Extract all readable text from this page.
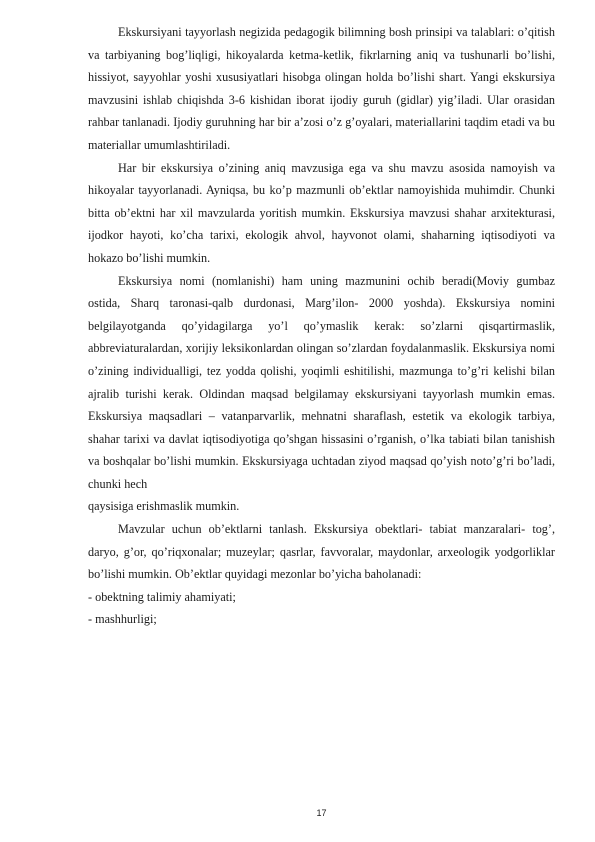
Ekskursiyani tayyorlash negizida pedagogik bilimning bosh prinsipi va talablari: o’qitish va tarbiyaning bog’liqligi, hikoyalarda ketma-ketlik, fikrlarning aniq va tushunarli bo’lishi, hissiyot, sayyohlar yoshi xususiyatlari hisobga olingan holda bo’lishi shart. Yangi ekskursiya mavzusini ishlab chiqishda 3-6 kishidan iborat ijodiy guruh (gidlar) yig’iladi. Ular orasidan rahbar tanlanadi. Ijodiy guruhning har bir a’zosi o’z g’oyalari, materiallarini taqdim etadi va bu materiallar umumlashtiriladi.

Har bir ekskursiya o’zining aniq mavzusiga ega va shu mavzu asosida namoyish va hikoyalar tayyorlanadi. Ayniqsa, bu ko’p mazmunli ob’ektlar namoyishida muhimdir. Chunki bitta ob’ektni har xil mavzularda yoritish mumkin. Ekskursiya mavzusi shahar arxitekturasi, ijodkor hayoti, ko’cha tarixi, ekologik ahvol, hayvonot olami, shaharning iqtisodiyoti va hokazo bo’lishi mumkin.

Ekskursiya nomi (nomlanishi) ham uning mazmunini ochib beradi(Moviy gumbaz ostida, Sharq taronasi-qalb durdonasi, Marg’ilon- 2000 yoshda). Ekskursiya nomini belgilayotganda qo’yidagilarga yo’l qo’ymaslik kerak: so’zlarni qisqartirmaslik, abbreviaturalardan, xorijiy leksikonlardan olingan so’zlardan foydalanmaslik. Ekskursiya nomi o’zining individualligi, tez yodda qolishi, yoqimli eshitilishi, mazmunga to’g’ri kelishi bilan ajralib turishi kerak. Oldindan maqsad belgilamay ekskursiyani tayyorlash mumkin emas. Ekskursiya maqsadlari – vatanparvarlik, mehnatni sharaflash, estetik va ekologik tarbiya, shahar tarixi va davlat iqtisodiyotiga qo’shgan hissasini o’rganish, o’lka tabiati bilan tanishish va boshqalar bo’lishi mumkin. Ekskursiyaga uchtadan ziyod maqsad qo’yish noto’g’ri bo’ladi, chunki hech

qaysisiga erishmaslik mumkin.

Mavzular uchun ob’ektlarni tanlash. Ekskursiya obektlari- tabiat manzaralari- tog’, daryo, g’or, qo’riqxonalar; muzeylar; qasrlar, favvoralar, maydonlar, arxeologik yodgorliklar bo’lishi mumkin. Ob’ektlar quyidagi mezonlar bo’yicha baholanadi:

- obektning talimiy ahamiyati;

- mashhurligi;

17
